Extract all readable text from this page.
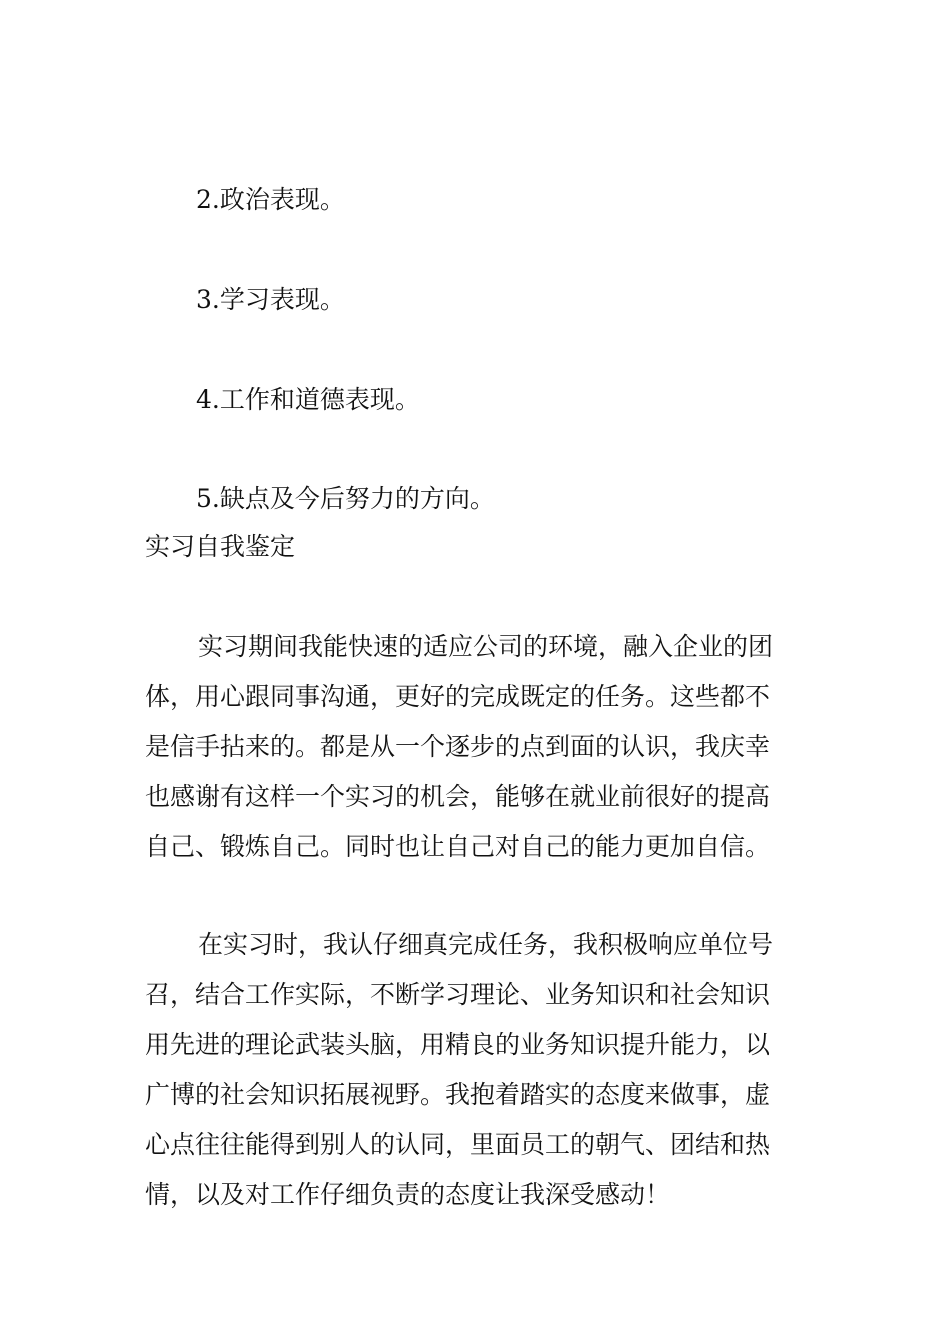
2.政治表现。
3.学习表现。
4.工作和道德表现。
5.缺点及今后努力的方向。
实习自我鉴定
实习期间我能快速的适应公司的环境，融入企业的团
体，用心跟同事沟通，更好的完成既定的任务。这些都不
是信手拈来的。都是从一个逐步的点到面的认识，我庆幸
也感谢有这样一个实习的机会，能够在就业前很好的提高
自己、锻炼自己。同时也让自己对自己的能力更加自信。
在实习时，我认仔细真完成任务，我积极响应单位号
召，结合工作实际，不断学习理论、业务知识和社会知识
用先进的理论武装头脑，用精良的业务知识提升能力，以
广博的社会知识拓展视野。我抱着踏实的态度来做事，虚
心点往往能得到别人的认同，里面员工的朝气、团结和热
情，以及对工作仔细负责的态度让我深受感动！
